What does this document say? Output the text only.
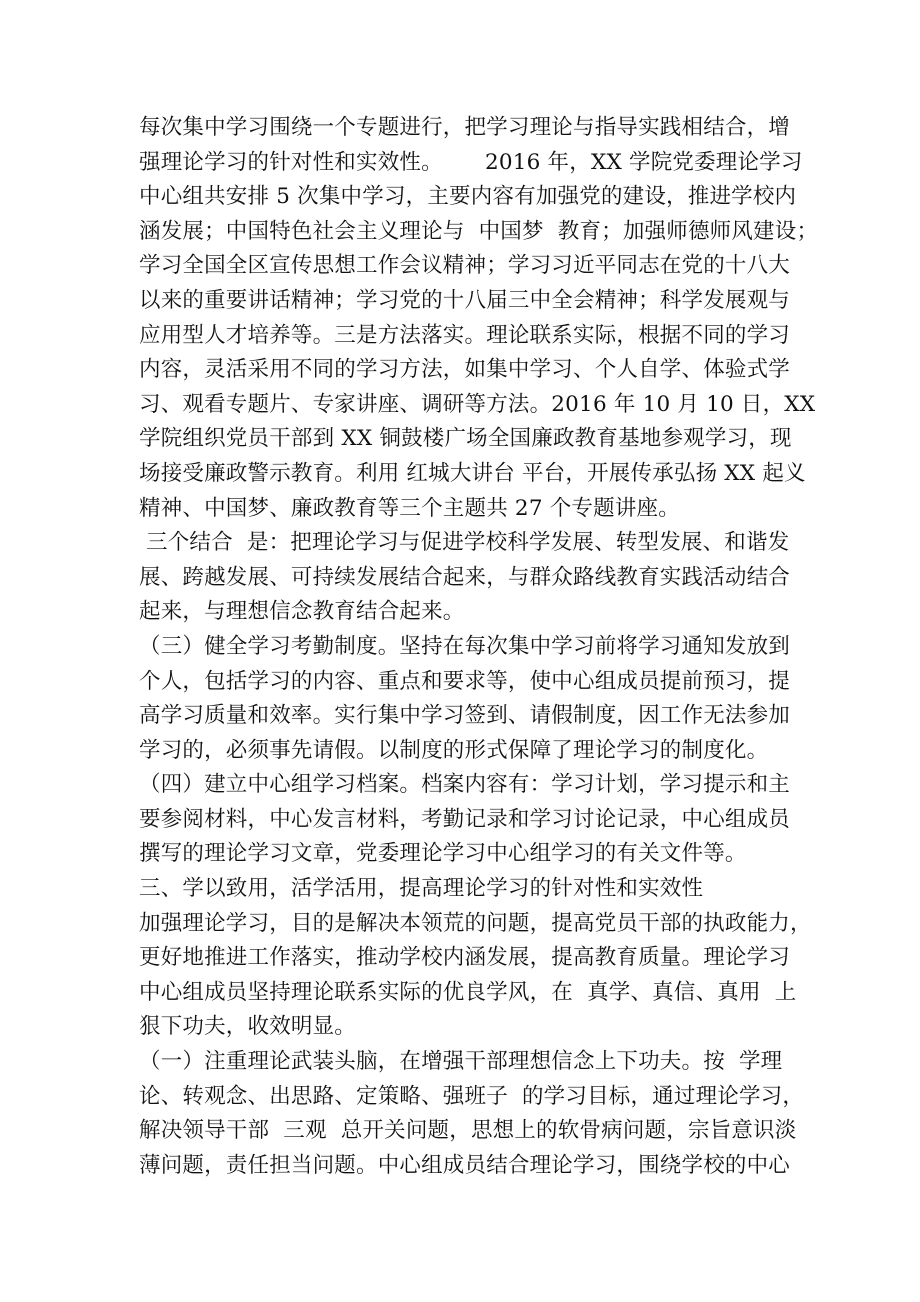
每次集中学习围绕一个专题进行，把学习理论与指导实践相结合，增
强理论学习的针对性和实效性。      2016 年，XX 学院党委理论学习
中心组共安排 5 次集中学习，主要内容有加强党的建设，推进学校内
涵发展；中国特色社会主义理论与  中国梦  教育；加强师德师风建设；
学习全国全区宣传思想工作会议精神；学习习近平同志在党的十八大
以来的重要讲话精神；学习党的十八届三中全会精神；科学发展观与
应用型人才培养等。三是方法落实。理论联系实际，根据不同的学习
内容，灵活采用不同的学习方法，如集中学习、个人自学、体验式学
习、观看专题片、专家讲座、调研等方法。2016 年 10 月 10 日，XX
学院组织党员干部到 XX 铜鼓楼广场全国廉政教育基地参观学习，现
场接受廉政警示教育。利用 红城大讲台 平台，开展传承弘扬 XX 起义
精神、中国梦、廉政教育等三个主题共 27 个专题讲座。
三个结合  是：把理论学习与促进学校科学发展、转型发展、和谐发
展、跨越发展、可持续发展结合起来，与群众路线教育实践活动结合
起来，与理想信念教育结合起来。
（三）健全学习考勤制度。坚持在每次集中学习前将学习通知发放到
个人，包括学习的内容、重点和要求等，使中心组成员提前预习，提
高学习质量和效率。实行集中学习签到、请假制度，因工作无法参加
学习的，必须事先请假。以制度的形式保障了理论学习的制度化。
（四）建立中心组学习档案。档案内容有：学习计划，学习提示和主
要参阅材料，中心发言材料，考勤记录和学习讨论记录，中心组成员
撰写的理论学习文章，党委理论学习中心组学习的有关文件等。
三、学以致用，活学活用，提高理论学习的针对性和实效性
加强理论学习，目的是解决本领荒的问题，提高党员干部的执政能力，
更好地推进工作落实，推动学校内涵发展，提高教育质量。理论学习
中心组成员坚持理论联系实际的优良学风，在  真学、真信、真用  上
狠下功夫，收效明显。
（一）注重理论武装头脑，在增强干部理想信念上下功夫。按  学理
论、转观念、出思路、定策略、强班子  的学习目标，通过理论学习，
解决领导干部  三观  总开关问题，思想上的软骨病问题，宗旨意识淡
薄问题，责任担当问题。中心组成员结合理论学习，围绕学校的中心
